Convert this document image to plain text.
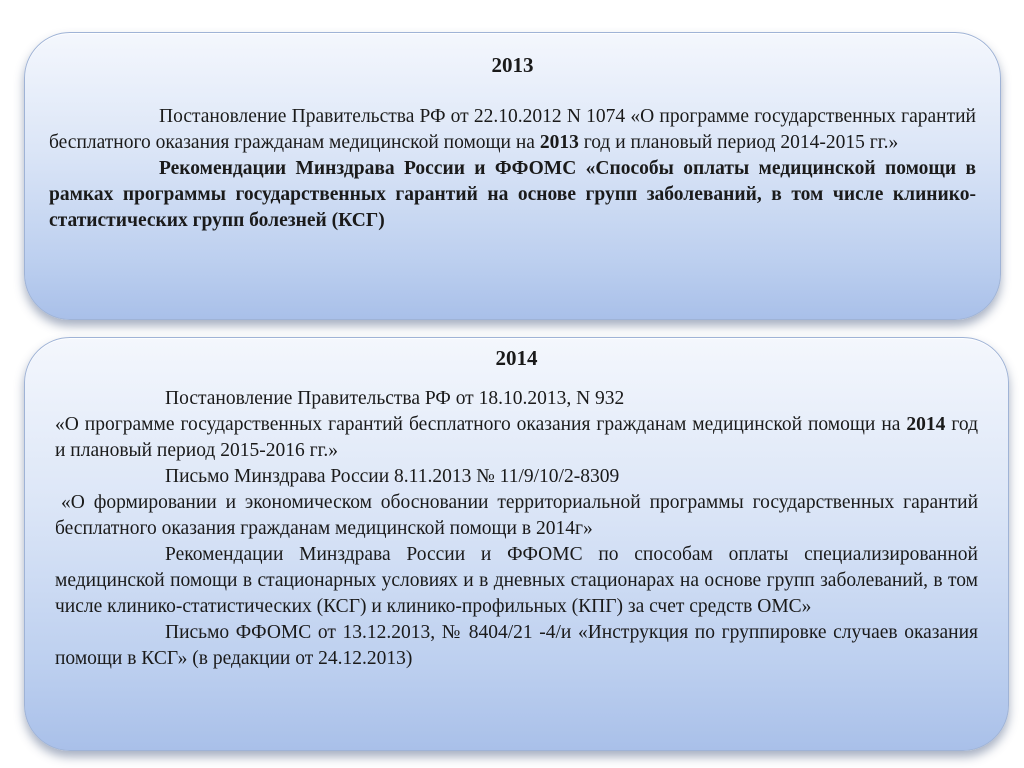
2013

Постановление Правительства РФ от 22.10.2012 N 1074 «О программе государственных гарантий бесплатного оказания гражданам медицинской помощи на 2013 год и плановый период 2014-2015 гг.»

Рекомендации Минздрава России и ФФОМС «Способы оплаты медицинской помощи в рамках программы государственных гарантий на основе групп заболеваний, в том числе клинико-статистических групп болезней (КСГ)

2014

Постановление Правительства РФ от 18.10.2013, N 932

«О программе государственных гарантий бесплатного оказания гражданам медицинской помощи на 2014 год и плановый период 2015-2016 гг.»

Письмо Минздрава России 8.11.2013 № 11/9/10/2-8309

«О формировании и экономическом обосновании территориальной программы государственных гарантий бесплатного оказания гражданам медицинской помощи в 2014г»

Рекомендации Минздрава России и ФФОМС по способам оплаты специализированной медицинской помощи в стационарных условиях и в дневных стационарах на основе групп заболеваний, в том числе клинико-статистических (КСГ) и клинико-профильных (КПГ) за счет средств ОМС»

Письмо ФФОМС от 13.12.2013, № 8404/21 -4/и «Инструкция по группировке случаев оказания помощи в КСГ» (в редакции от 24.12.2013)
